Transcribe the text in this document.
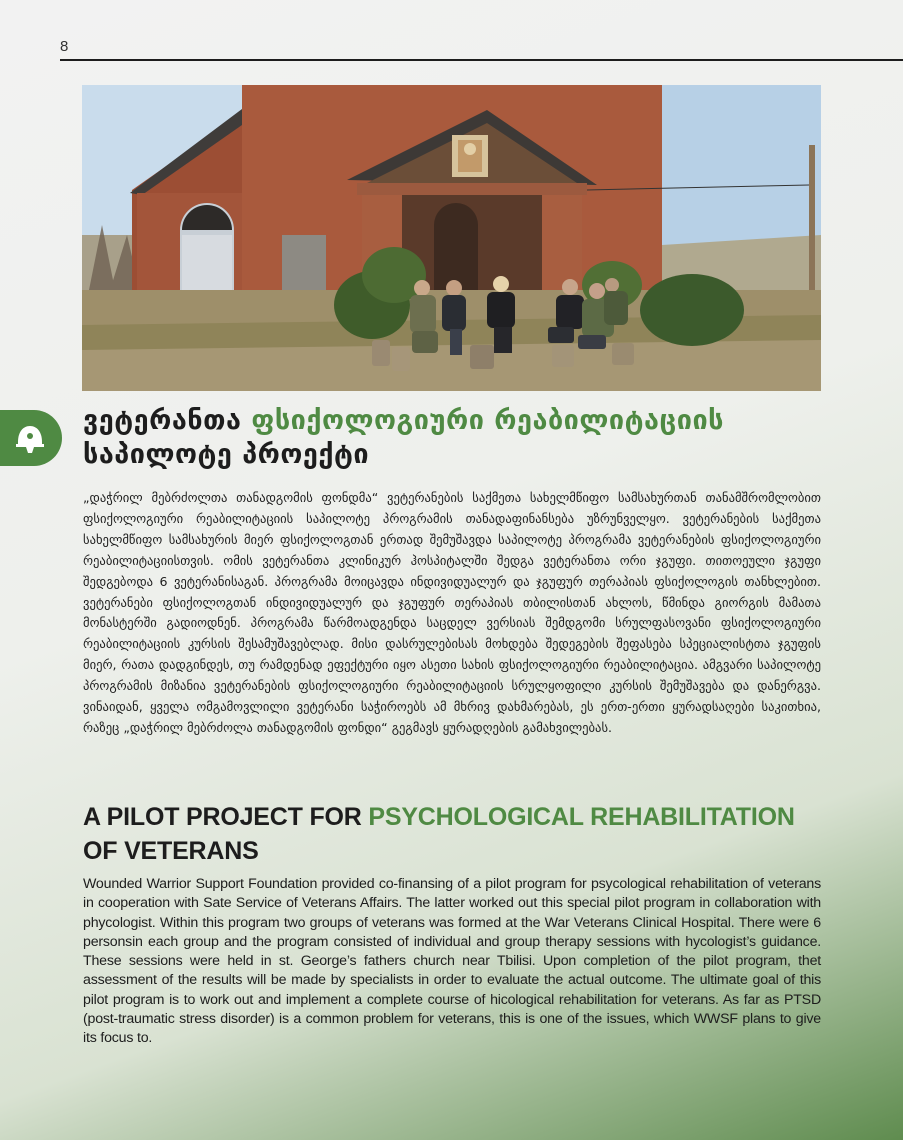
8
ვეტერანთა ფსიქოლოგიური რეაბილიტაციის საპილოტე პროექტი

„დაჭრილ მებრძოლთა თანადგომის ფონდმა“ ვეტერანების საქმეთა სახელმწიფო სამსახურთან თანამშრომლობით ფსიქოლოგიური რეაბილიტაციის საპილოტე პროგრამის თანადაფინანსება უზრუნველყო. ვეტერანების საქმეთა სახელმწიფო სამსახურის მიერ ფსიქოლოგთან ერთად შემუშავდა საპილოტე პროგრამა ვეტერანების ფსიქოლოგიური რეაბილიტაციისთვის. ომის ვეტერანთა კლინიკურ ჰოსპიტალში შედგა ვეტერანთა ორი ჯგუფი. თითოეული ჯგუფი შედგებოდა 6 ვეტერანისაგან. პროგრამა მოიცავდა ინდივიდუალურ და ჯგუფურ თერაპიას ფსიქოლოგის თანხლებით. ვეტერანები ფსიქოლოგთან ინდივიდუალურ და ჯგუფურ თერაპიას თბილისთან ახლოს, წმინდა გიორგის მამათა მონასტერში გადიოდნენ. პროგრამა წარმოადგენდა საცდელ ვერსიას შემდგომი სრულფასოვანი ფსიქოლოგიური რეაბილიტაციის კურსის შესამუშავებლად. მისი დასრულებისას მოხდება შედეგების შეფასება სპეციალისტთა ჯგუფის მიერ, რათა დადგინდეს, თუ რამდენად ეფექტური იყო ასეთი სახის ფსიქოლოგიური რეაბილიტაცია. ამგვარი საპილოტე პროგრამის მიზანია ვეტერანების ფსიქოლოგიური რეაბილიტაციის სრულყოფილი კურსის შემუშავება და დანერგვა. ვინაიდან, ყველა ომგამოვლილი ვეტერანი საჭიროებს ამ მხრივ დახმარებას, ეს ერთ-ერთი ყურადსაღები საკითხია, რაზეც „დაჭრილ მებრძოლა თანადგომის ფონდი“ გეგმავს ყურადღების გამახვილებას.

A PILOT PROJECT FOR PSYCHOLOGICAL REHABILITATION OF VETERANS

Wounded Warrior Support Foundation provided co-finansing of a pilot program for psycological rehabilitation of veterans in cooperation with Sate Service of Veterans Affairs. The latter worked out this special pilot program in collaboration with phycologist. Within this program two groups of veterans was formed at the War Veterans Clinical Hospital. There were 6 personsin each group and the program consisted of individual and group therapy sessions with hycologist’s guidance. These sessions were held in st. George’s fathers church near Tbilisi. Upon completion of the pilot program, thet assessment of the results will be made by specialists in order to evaluate the actual outcome. The ultimate goal of this pilot program is to work out and implement a complete course of hicological rehabilitation for veterans. As far as PTSD (post-traumatic stress disorder) is a common problem for veterans, this is one of the issues, which WWSF plans to give its focus to.
